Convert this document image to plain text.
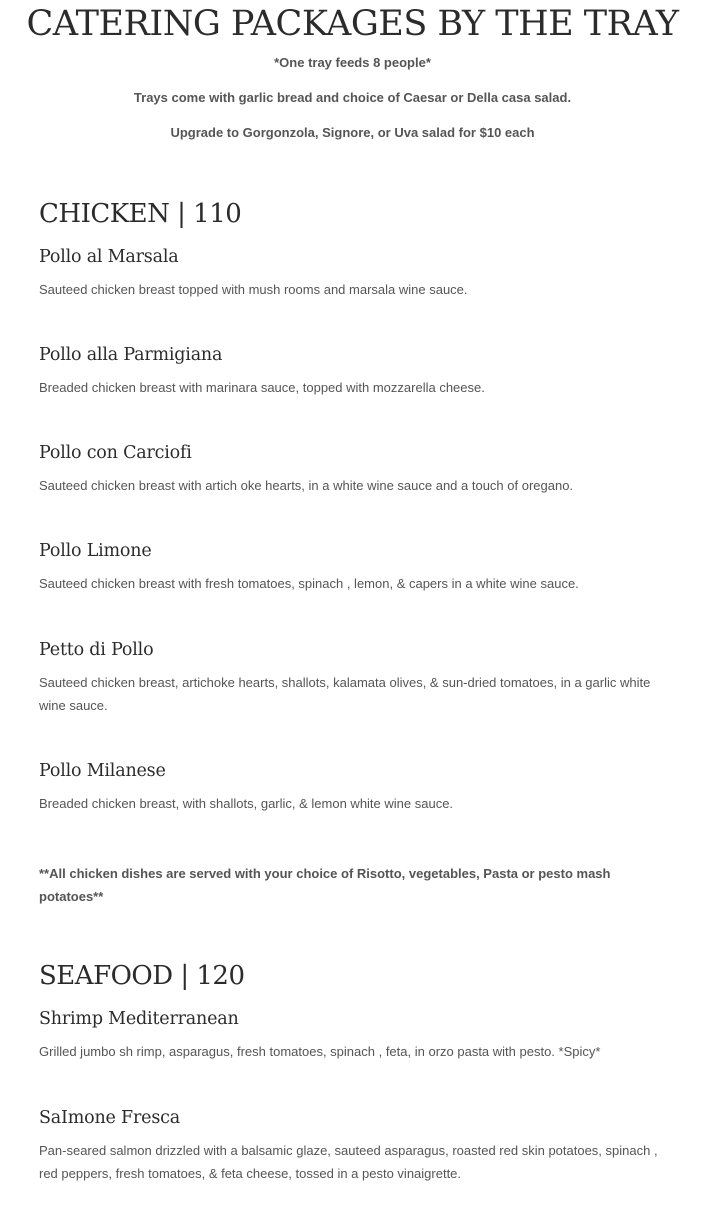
CATERING PACKAGES BY THE TRAY

*One tray feeds 8 people*

Trays come with garlic bread and choice of Caesar or Della casa salad.

Upgrade to Gorgonzola, Signore, or Uva salad for $10 each

CHICKEN | 110
Pollo al Marsala

Sauteed chicken breast topped with mush rooms and marsala wine sauce.

Pollo alla Parmigiana

Breaded chicken breast with marinara sauce, topped with mozzarella cheese.

Pollo con Carciofi

Sauteed chicken breast with artich oke hearts, in a white wine sauce and a touch of oregano.

Pollo Limone

Sauteed chicken breast with fresh tomatoes, spinach , lemon, & capers in a white wine sauce.

Petto di Pollo

Sauteed chicken breast, artichoke hearts, shallots, kalamata olives, & sun-dried tomatoes, in a garlic white wine sauce.

Pollo Milanese

Breaded chicken breast, with shallots, garlic, & lemon white wine sauce.

**All chicken dishes are served with your choice of Risotto, vegetables, Pasta or pesto mash potatoes**

SEAFOOD | 120
Shrimp Mediterranean

Grilled jumbo sh rimp, asparagus, fresh tomatoes, spinach , feta, in orzo pasta with pesto. *Spicy*

SaImone Fresca

Pan-seared salmon drizzled with a balsamic glaze, sauteed asparagus, roasted red skin potatoes, spinach , red peppers, fresh tomatoes, & feta cheese, tossed in a pesto vinaigrette.
